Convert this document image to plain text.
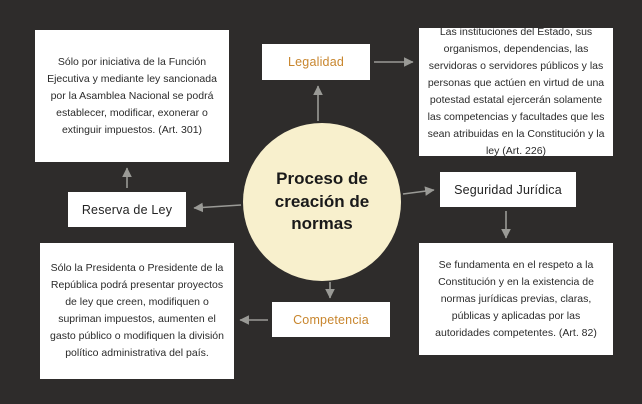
Proceso de creación de normas
Legalidad
Reserva de Ley
Seguridad Jurídica
Competencia
Sólo por iniciativa de la Función Ejecutiva y mediante ley sancionada por la Asamblea Nacional se podrá establecer, modificar, exonerar o extinguir impuestos. (Art. 301)
Las instituciones del Estado, sus organismos, dependencias, las servidoras o servidores públicos y las personas que actúen en virtud de una potestad estatal ejercerán solamente las competencias y facultades que les sean atribuidas en la Constitución y la ley (Art. 226)
Se fundamenta en el respeto a la Constitución y en la existencia de normas jurídicas previas, claras, públicas y aplicadas por las autoridades competentes. (Art. 82)
Sólo la Presidenta o Presidente de la República podrá presentar proyectos de ley que creen, modifiquen o supriman impuestos, aumenten el gasto público o modifiquen la división político administrativa del país.
